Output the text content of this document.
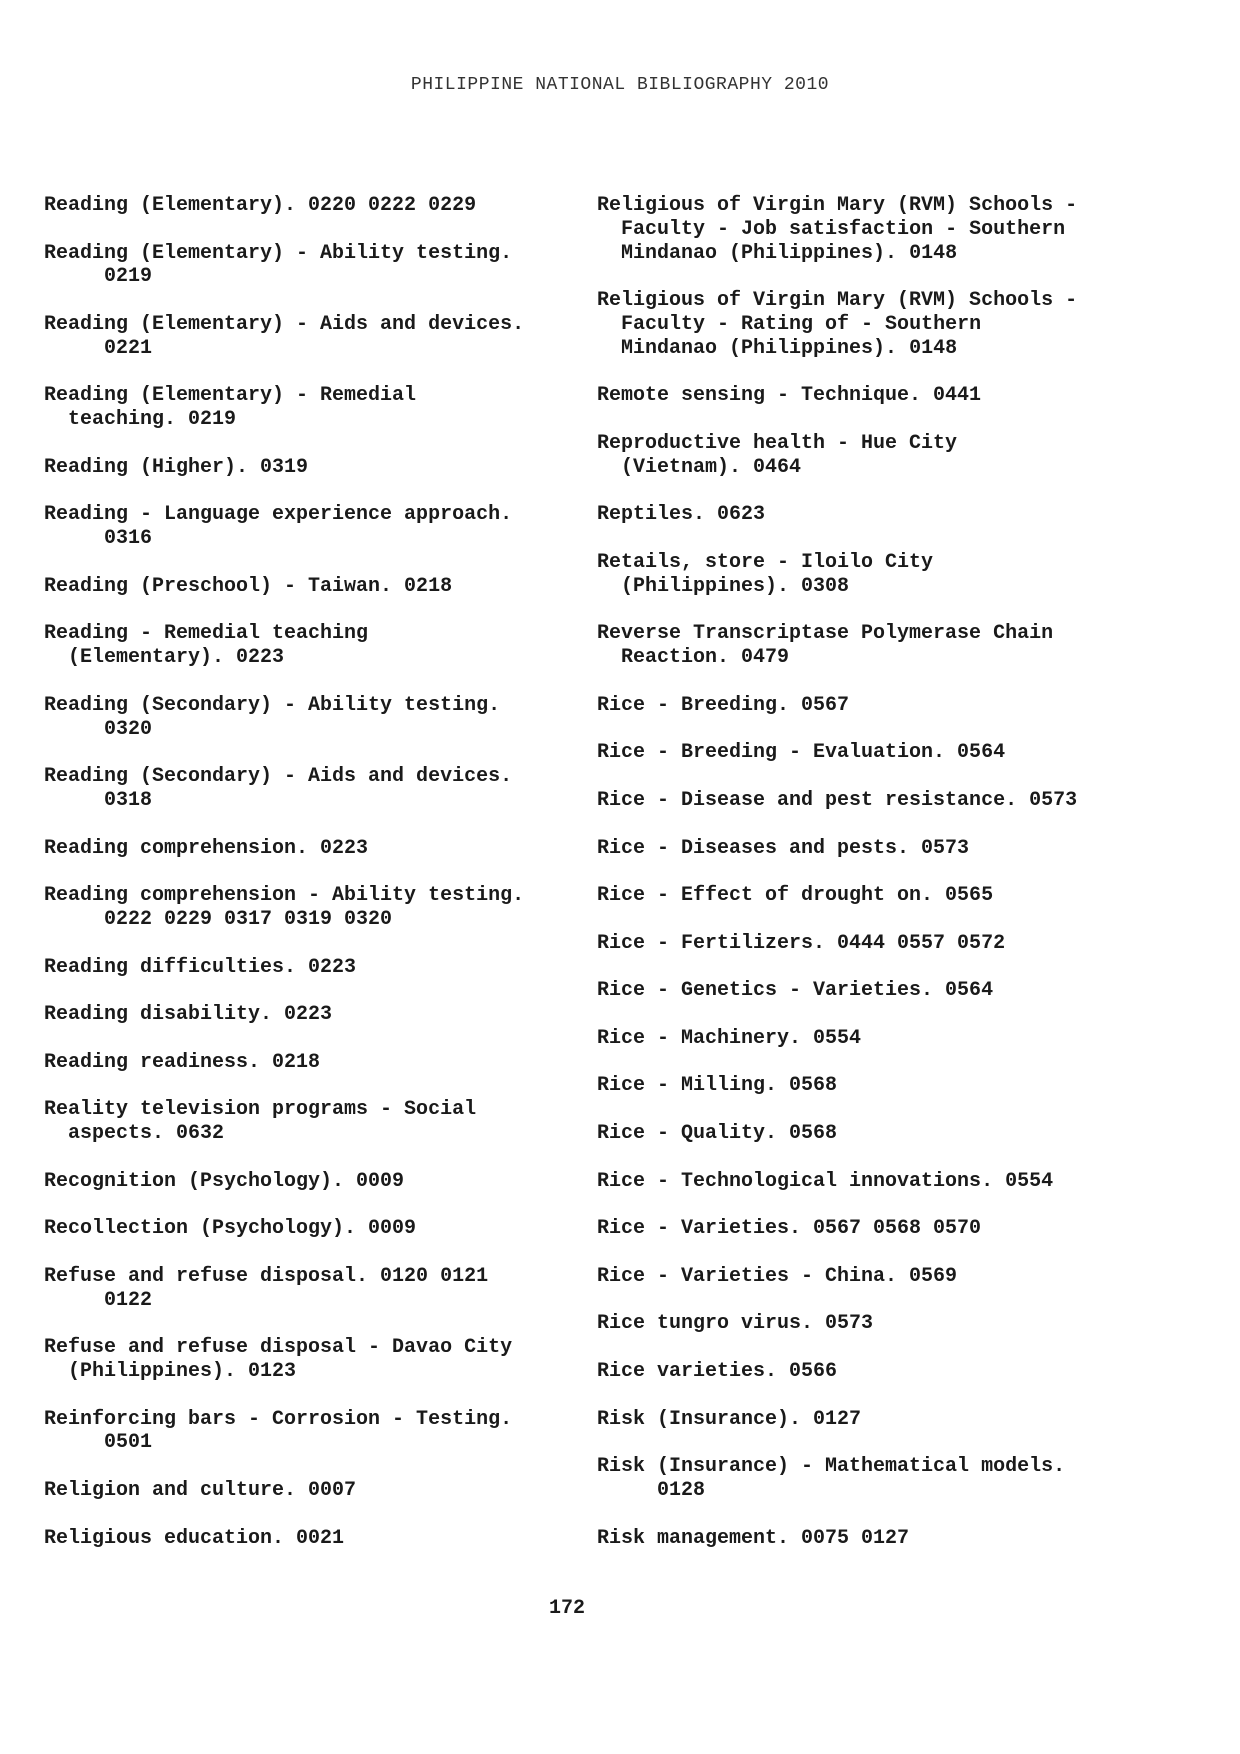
PHILIPPINE NATIONAL BIBLIOGRAPHY 2010

Reading (Elementary). 0220 0222 0229

Reading (Elementary) - Ability testing.
0219

Reading (Elementary) - Aids and devices.
0221

Reading (Elementary) - Remedial
teaching. 0219

Reading (Higher). 0319

Reading - Language experience approach.
0316

Reading (Preschool) - Taiwan. 0218

Reading - Remedial teaching
(Elementary). 0223

Reading (Secondary) - Ability testing.
0320

Reading (Secondary) - Aids and devices.
0318

Reading comprehension. 0223

Reading comprehension - Ability testing.
0222 0229 0317 0319 0320

Reading difficulties. 0223

Reading disability. 0223

Reading readiness. 0218

Reality television programs - Social
aspects. 0632

Recognition (Psychology). 0009

Recollection (Psychology). 0009

Refuse and refuse disposal. 0120 0121
0122

Refuse and refuse disposal - Davao City
(Philippines). 0123

Reinforcing bars - Corrosion - Testing.
0501

Religion and culture. 0007

Religious education. 0021

Religious of Virgin Mary (RVM) Schools -
Faculty - Job satisfaction - Southern
Mindanao (Philippines). 0148

Religious of Virgin Mary (RVM) Schools -
Faculty - Rating of - Southern
Mindanao (Philippines). 0148

Remote sensing - Technique. 0441

Reproductive health - Hue City
(Vietnam). 0464

Reptiles. 0623

Retails, store - Iloilo City
(Philippines). 0308

Reverse Transcriptase Polymerase Chain
Reaction. 0479

Rice - Breeding. 0567

Rice - Breeding - Evaluation. 0564

Rice - Disease and pest resistance. 0573

Rice - Diseases and pests. 0573

Rice - Effect of drought on. 0565

Rice - Fertilizers. 0444 0557 0572

Rice - Genetics - Varieties. 0564

Rice - Machinery. 0554

Rice - Milling. 0568

Rice - Quality. 0568

Rice - Technological innovations. 0554

Rice - Varieties. 0567 0568 0570

Rice - Varieties - China. 0569

Rice tungro virus. 0573

Rice varieties. 0566

Risk (Insurance). 0127

Risk (Insurance) - Mathematical models.
0128

Risk management. 0075 0127

172
